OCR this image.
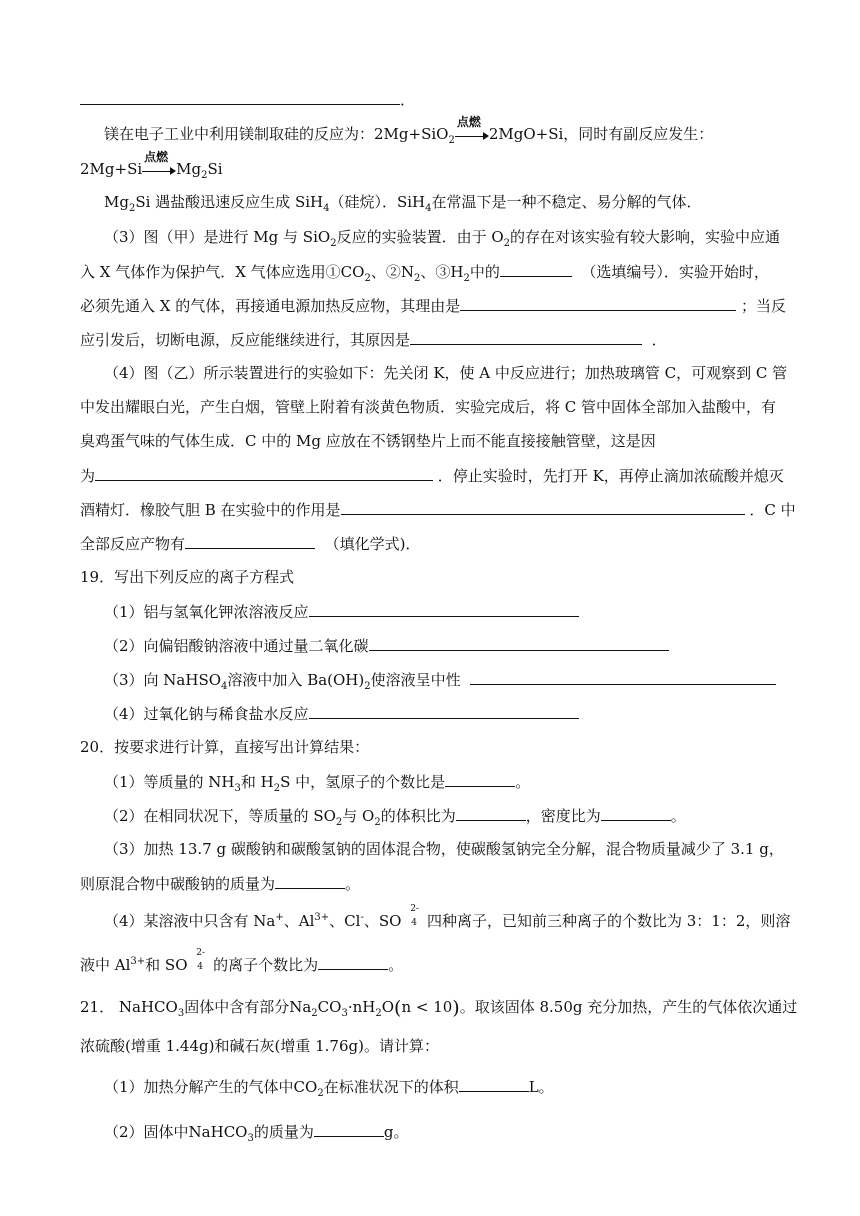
．
镁在电子工业中利用镁制取硅的反应为：2Mg+SiO$_2$
点燃
2MgO+Si，同时有副反应发生：
2Mg+Si
点燃
$Mg_2Si$
$Mg_2Si$ 遇盐酸迅速反应生成 SiH$_4$（硅烷）．SiH$_4$在常温下是一种不稳定、易分解的气体．
（3）图（甲）是进行 Mg 与 SiO$_2$反应的实验装置．由于 $O_2$的存在对该实验有较大影响，实验中应通
入 X 气体作为保护气．X 气体应选用$①CO_2$、$②N_2$、$③H_2$中的	（选填编号）．实验开始时，
必须先通入 X 的气体，再接通电源加热反应物，其理由是	；当反
应引发后，切断电源，反应能继续进行，其原因是	．
（4）图（乙）所示装置进行的实验如下：先关闭 K，使 A 中反应进行；加热玻璃管 C，可观察到 C 管
中发出耀眼白光，产生白烟，管壁上附着有淡黄色物质．实验完成后，将 C 管中固体全部加入盐酸中，有
臭鸡蛋气味的气体生成．C 中的 Mg 应放在不锈钢垫片上而不能直接接触管壁，这是因
为	．停止实验时，先打开 K，再停止滴加浓硫酸并熄灭
酒精灯．橡胶气胆 B 在实验中的作用是	．C 中
全部反应产物有	（填化学式)．
19．写出下列反应的离子方程式
（1）铝与氢氧化钾浓溶液反应
（2）向偏铝酸钠溶液中通过量二氧化碳
（3）向 NaHSO$_4$溶液中加入 $Ba(OH)_2$使溶液呈中性
（4）过氧化钠与稀食盐水反应
20．按要求进行计算，直接写出计算结果：
（1）等质量的 $NH_3$和 $H_2S$ 中，氢原子的个数比是	。
（2）在相同状况下，等质量的 $SO_2$与 $O_2$的体积比为	，密度比为	。
（3）加热 13.7 g 碳酸钠和碳酸氢钠的固体混合物，使碳酸氢钠完全分解，混合物质量减少了 3.1 g，
则原混合物中碳酸钠的质量为	。
（4）某溶液中只含有 Na+、$Al^{3+}$、Cl-、SO
2-
4 四种离子，已知前三种离子的个数比为 3：1：2，则溶
液中 $Al^{3+}$和 SO
2-
4 的离子个数比为	。
21． NaHCO$_3$固体中含有部分$Na_2CO_3\cdot nH_2O(n < 10)$。取该固体 8.50g 充分加热，产生的气体依次通过
浓硫酸(增重 1.44g)和碱石灰(增重 1.76g)。请计算：
（1）加热分解产生的气体中$CO_2$在标准状况下的体积	L。
（2）固体中NaHCO$_3$的质量为	g。
